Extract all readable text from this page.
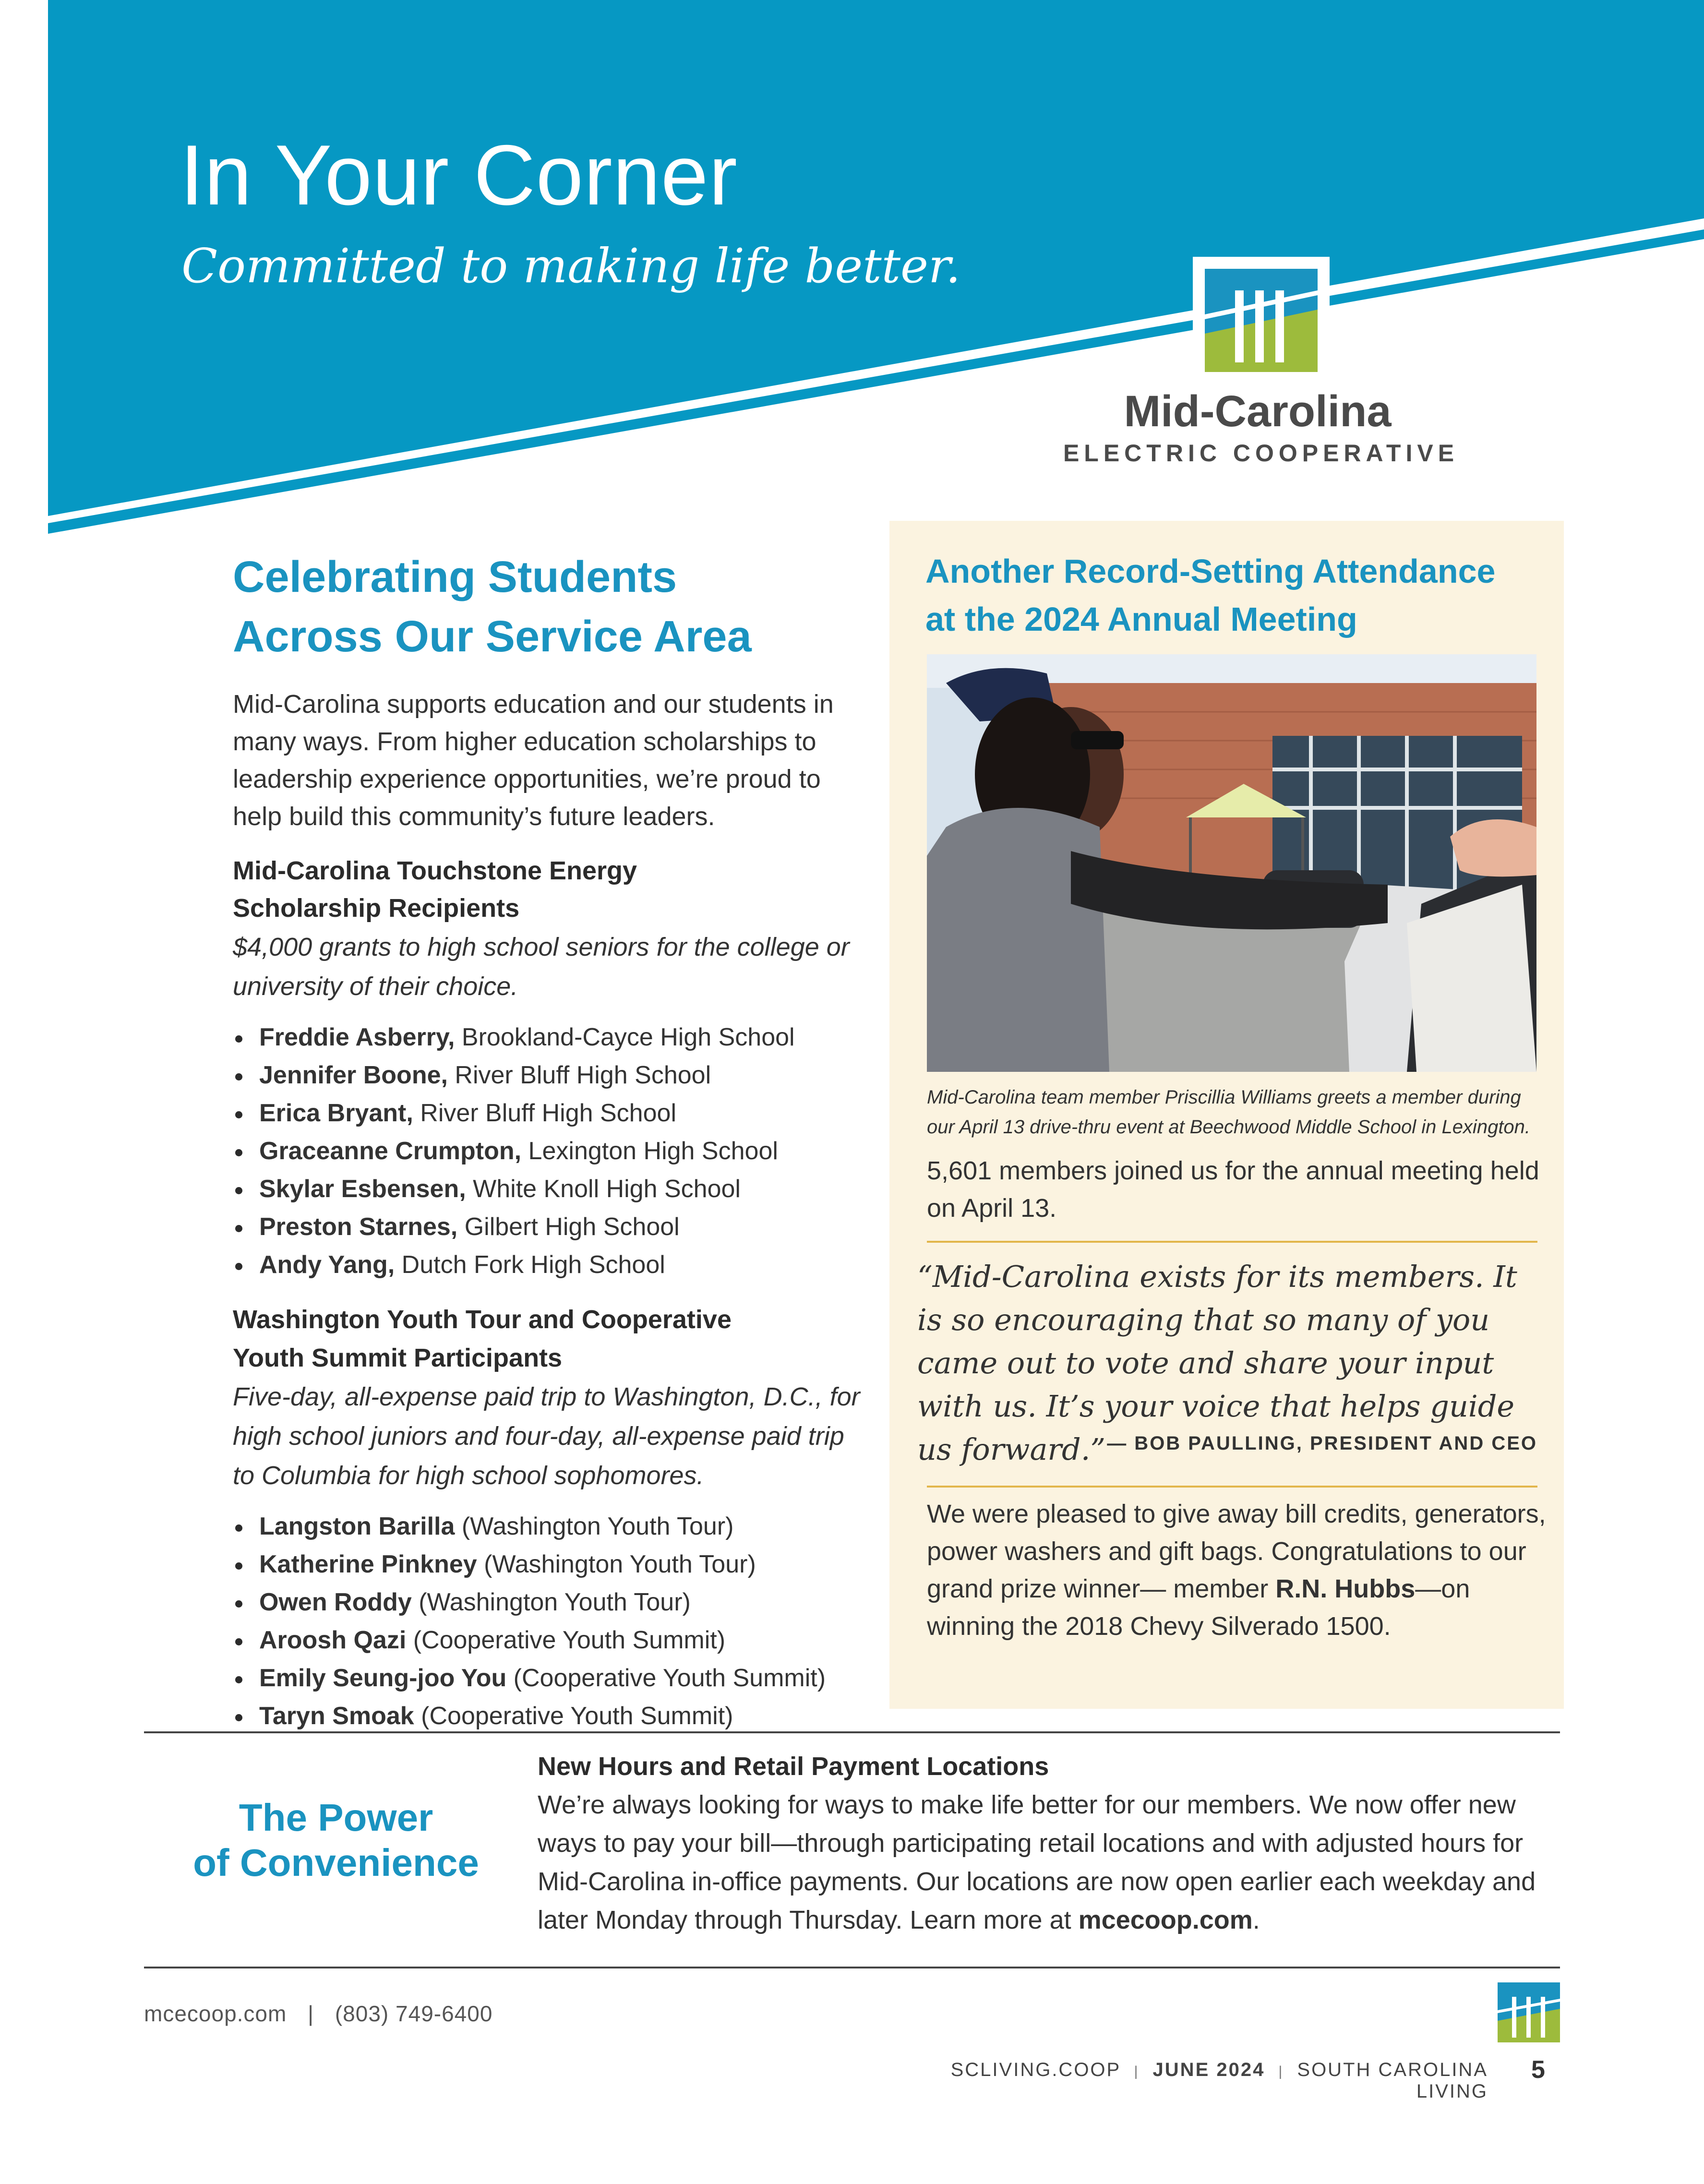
In Your Corner
Committed to making life better.
Mid-Carolina
ELECTRIC COOPERATIVE
Celebrating Students
Across Our Service Area

Mid-Carolina supports education and our students in many ways. From higher education scholarships to leadership experience opportunities, we’re proud to help build this community’s future leaders.

Mid-Carolina Touchstone Energy
Scholarship Recipients

$4,000 grants to high school seniors for the college or university of their choice.

Freddie Asberry, Brookland-Cayce High School
Jennifer Boone, River Bluff High School
Erica Bryant, River Bluff High School
Graceanne Crumpton, Lexington High School
Skylar Esbensen, White Knoll High School
Preston Starnes, Gilbert High School
Andy Yang, Dutch Fork High School
Washington Youth Tour and Cooperative
Youth Summit Participants

Five-day, all-expense paid trip to Washington, D.C., for high school juniors and four-day, all-expense paid trip to Columbia for high school sophomores.

Langston Barilla (Washington Youth Tour)
Katherine Pinkney (Washington Youth Tour)
Owen Roddy (Washington Youth Tour)
Aroosh Qazi (Cooperative Youth Summit)
Emily Seung-joo You (Cooperative Youth Summit)
Taryn Smoak (Cooperative Youth Summit)
Another Record-Setting Attendance
at the 2024 Annual Meeting

Mid-Carolina team member Priscillia Williams greets a member during our April 13 drive-thru event at Beechwood Middle School in Lexington.

5,601 members joined us for the annual meeting held on April 13.

“Mid-Carolina exists for its members. It is so encouraging that so many of you came out to vote and share your input with us. It’s your voice that helps guide us forward.” — BOB PAULLING, PRESIDENT AND CEO

We were pleased to give away bill credits, generators, power washers and gift bags. Congratulations to our grand prize winner— member R.N. Hubbs—on winning the 2018 Chevy Silverado 1500.

The Power
of Convenience
New Hours and Retail Payment Locations

We’re always looking for ways to make life better for our members. We now offer new ways to pay your bill—through participating retail locations and with adjusted hours for Mid-Carolina in-office payments. Our locations are now open earlier each weekday and later Monday through Thursday. Learn more at mcecoop.com.

mcecoop.com | (803) 749-6400
SCLIVING.COOP | JUNE 2024 | SOUTH CAROLINA LIVING
5
